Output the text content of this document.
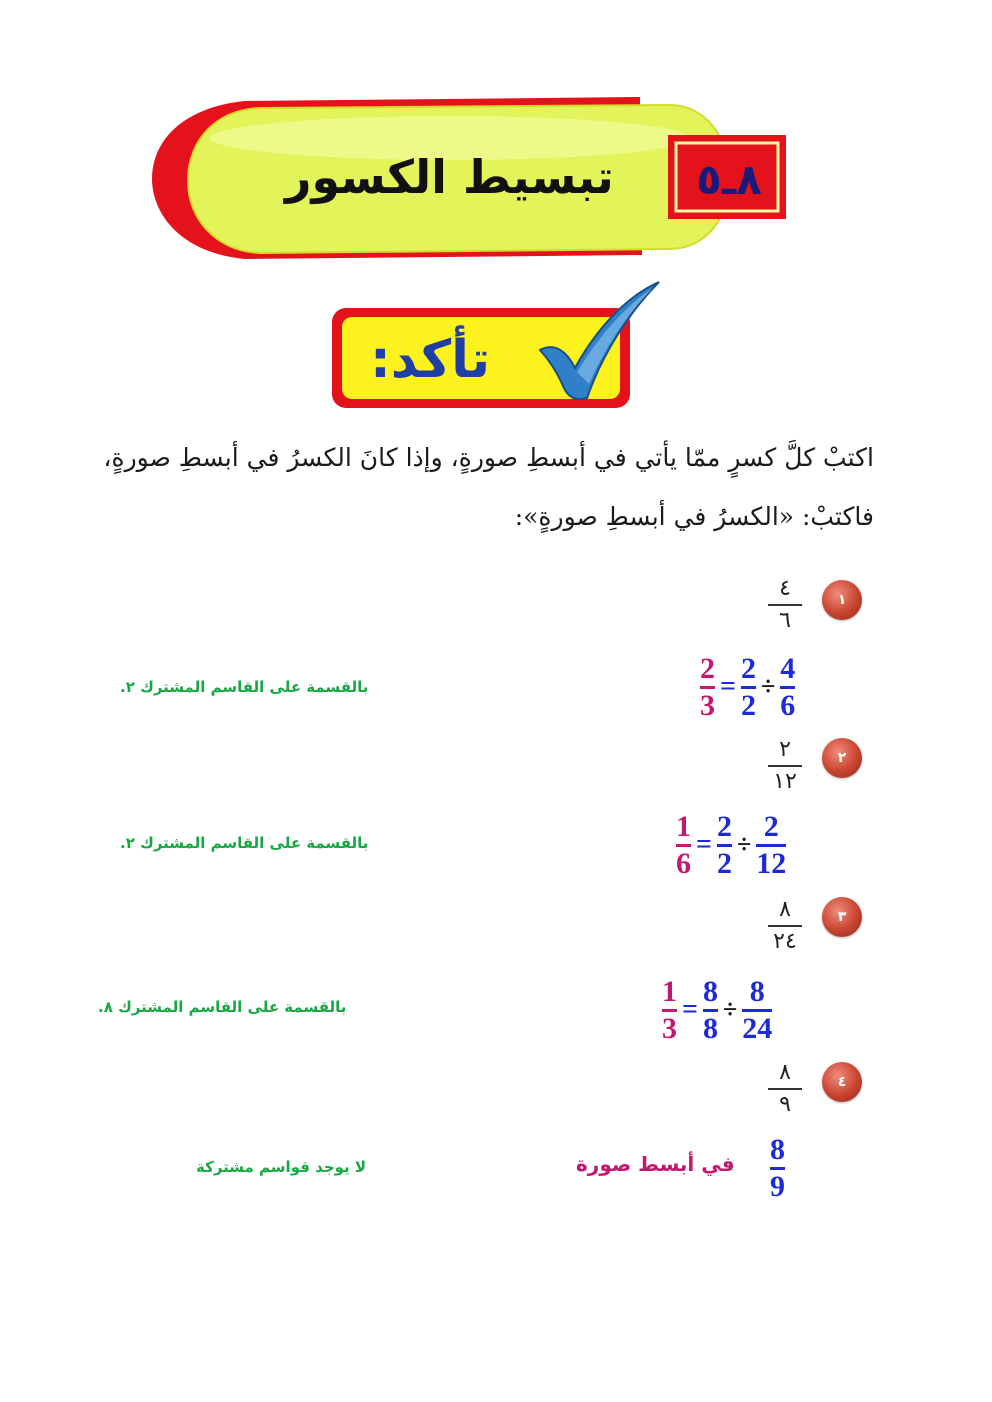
تبسيط الكسور	٨ـ٥
تأكد:
اكتبْ كلَّ كسرٍ ممّا يأتي في أبسطِ صورةٍ، وإذا كانَ الكسرُ في أبسطِ صورةٍ،
فاكتبْ: «الكسرُ في أبسطِ صورةٍ»:
١
٤
٦
$\frac{2}{3} = \frac{2}{2} \div \frac{4}{6}$
بالقسمة على القاسم المشترك ٢.
٢
٢
١٢
$\frac{1}{6} = \frac{2}{2} \div \frac{2}{12}$
بالقسمة على القاسم المشترك ٢.
٣
٨
٢٤
$\frac{1}{3} = \frac{8}{8} \div \frac{8}{24}$
بالقسمة على القاسم المشترك ٨.
٤
٨
٩
$\frac{8}{9}$
في أبسط صورة
لا يوجد قواسم مشتركة
